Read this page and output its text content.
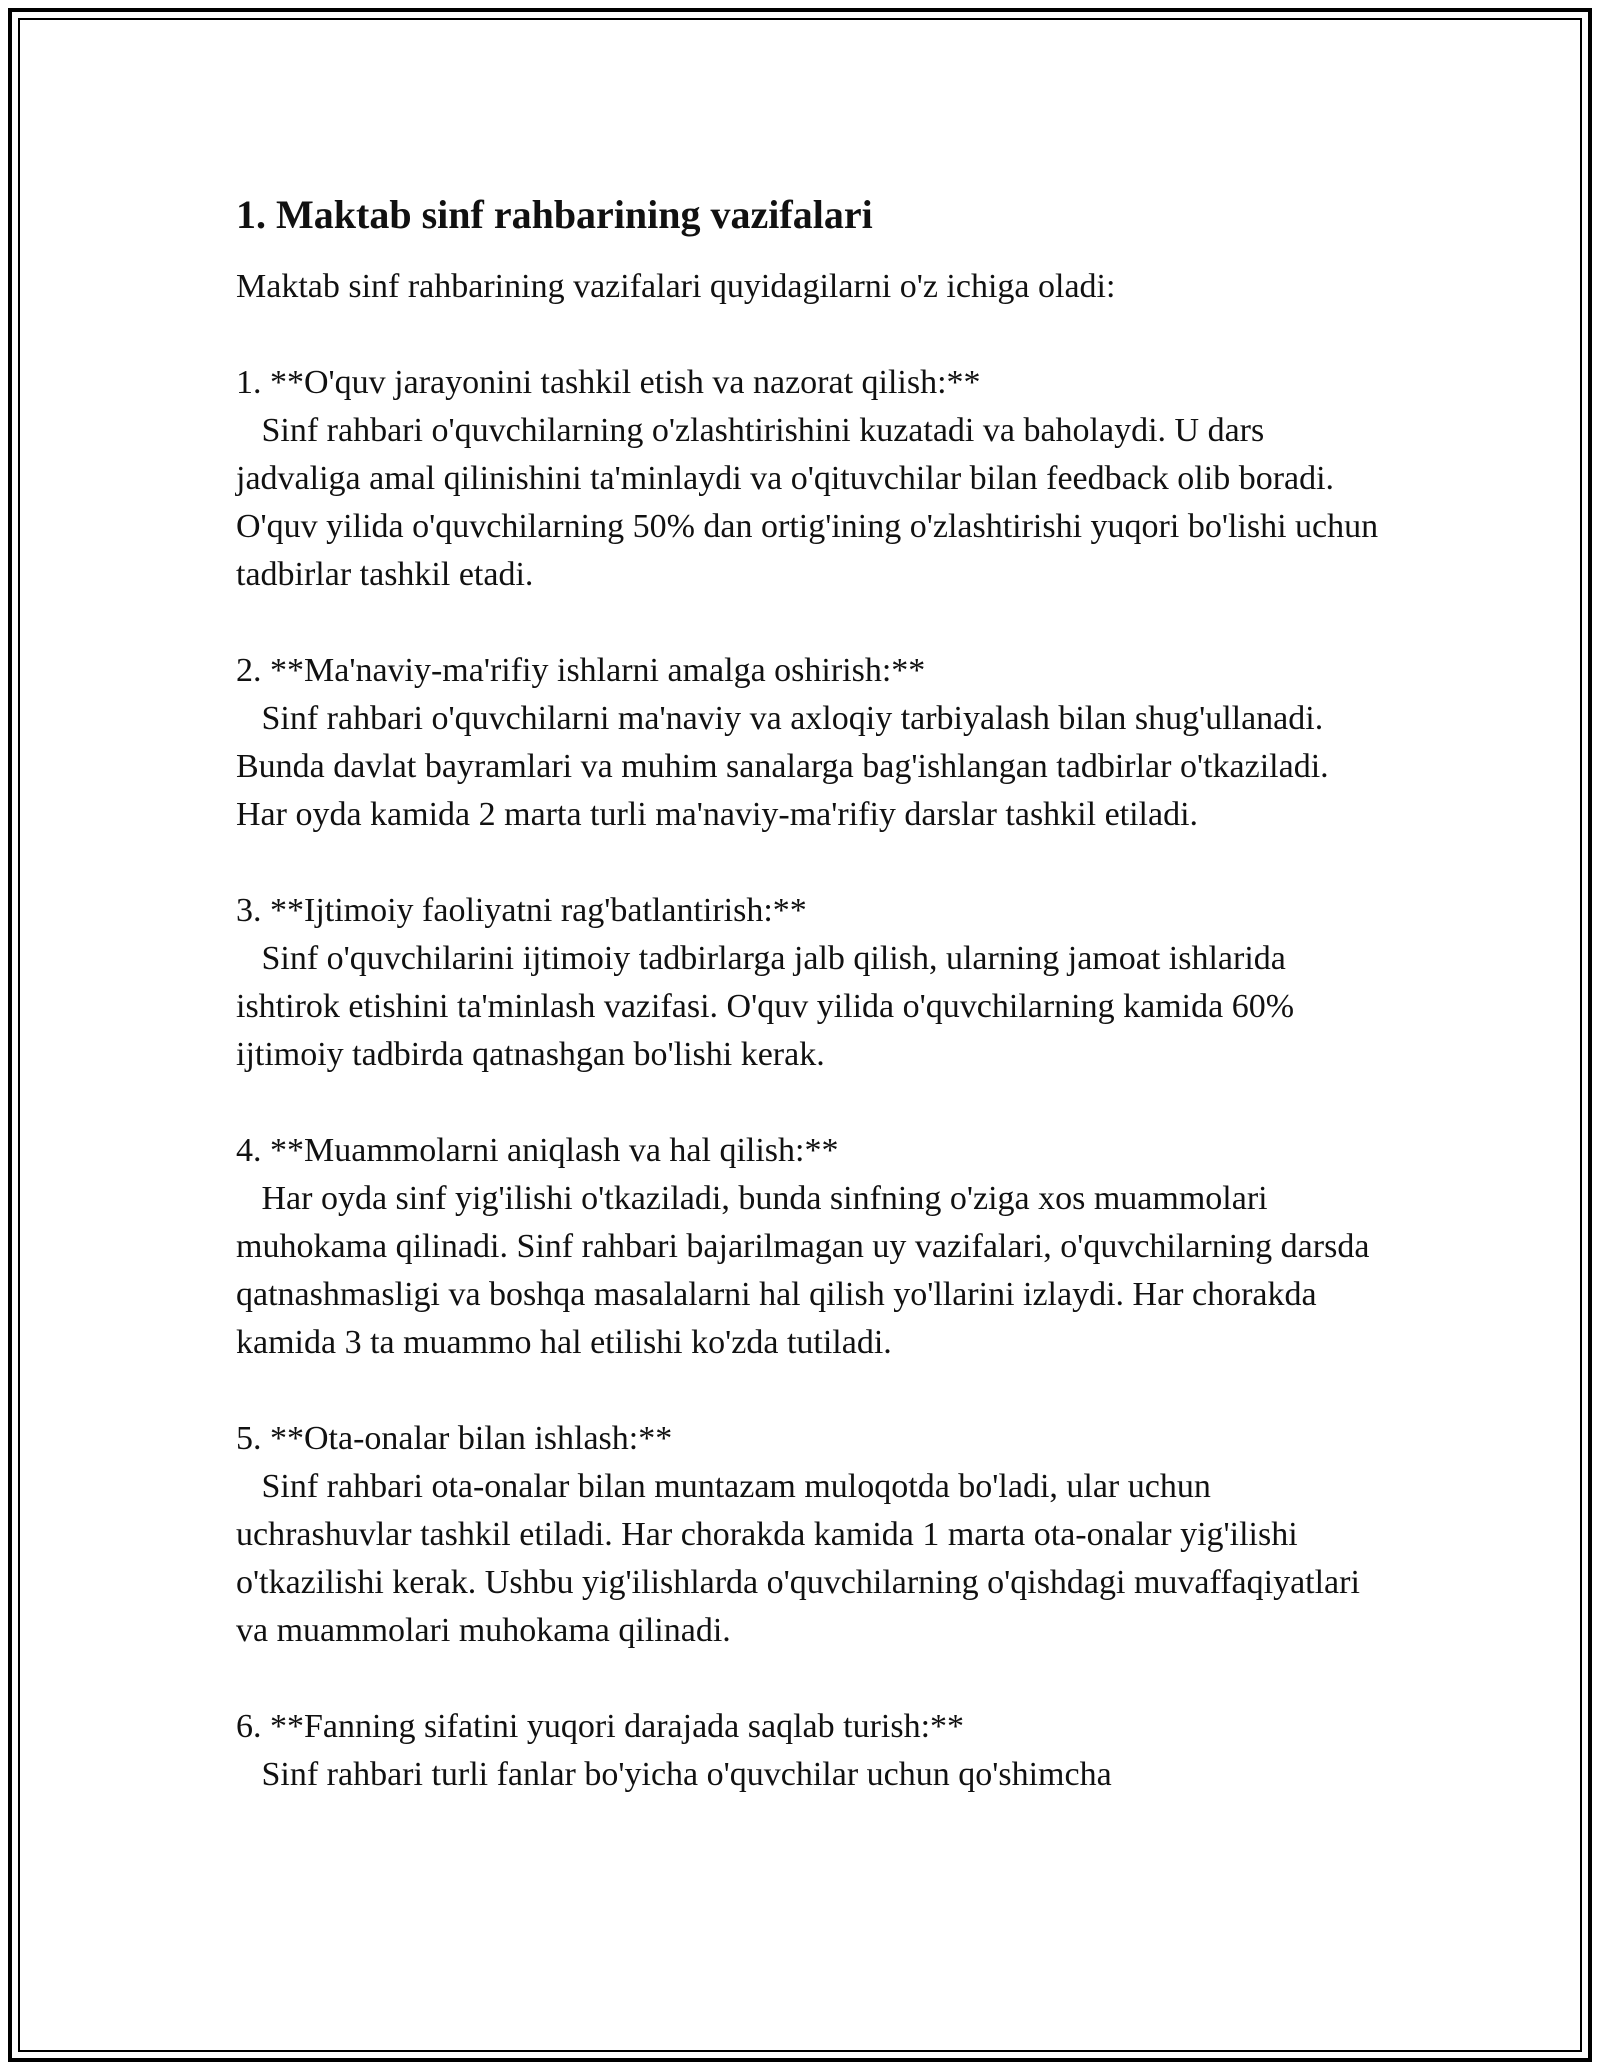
1. Maktab sinf rahbarining vazifalari

Maktab sinf rahbarining vazifalari quyidagilarni o'z ichiga oladi:

1. **O'quv jarayonini tashkil etish va nazorat qilish:**
Sinf rahbari o'quvchilarning o'zlashtirishini kuzatadi va baholaydi. U dars jadvaliga amal qilinishini ta'minlaydi va o'qituvchilar bilan feedback olib boradi. O'quv yilida o'quvchilarning 50% dan ortig'ining o'zlashtirishi yuqori bo'lishi uchun tadbirlar tashkil etadi.
2. **Ma'naviy-ma'rifiy ishlarni amalga oshirish:**
Sinf rahbari o'quvchilarni ma'naviy va axloqiy tarbiyalash bilan shug'ullanadi. Bunda davlat bayramlari va muhim sanalarga bag'ishlangan tadbirlar o'tkaziladi. Har oyda kamida 2 marta turli ma'naviy-ma'rifiy darslar tashkil etiladi.
3. **Ijtimoiy faoliyatni rag'batlantirish:**
Sinf o'quvchilarini ijtimoiy tadbirlarga jalb qilish, ularning jamoat ishlarida ishtirok etishini ta'minlash vazifasi. O'quv yilida o'quvchilarning kamida 60% ijtimoiy tadbirda qatnashgan bo'lishi kerak.
4. **Muammolarni aniqlash va hal qilish:**
Har oyda sinf yig'ilishi o'tkaziladi, bunda sinfning o'ziga xos muammolari muhokama qilinadi. Sinf rahbari bajarilmagan uy vazifalari, o'quvchilarning darsda qatnashmasligi va boshqa masalalarni hal qilish yo'llarini izlaydi. Har chorakda kamida 3 ta muammo hal etilishi ko'zda tutiladi.
5. **Ota-onalar bilan ishlash:**
Sinf rahbari ota-onalar bilan muntazam muloqotda bo'ladi, ular uchun uchrashuvlar tashkil etiladi. Har chorakda kamida 1 marta ota-onalar yig'ilishi o'tkazilishi kerak. Ushbu yig'ilishlarda o'quvchilarning o'qishdagi muvaffaqiyatlari va muammolari muhokama qilinadi.
6. **Fanning sifatini yuqori darajada saqlab turish:**
Sinf rahbari turli fanlar bo'yicha o'quvchilar uchun qo'shimcha
